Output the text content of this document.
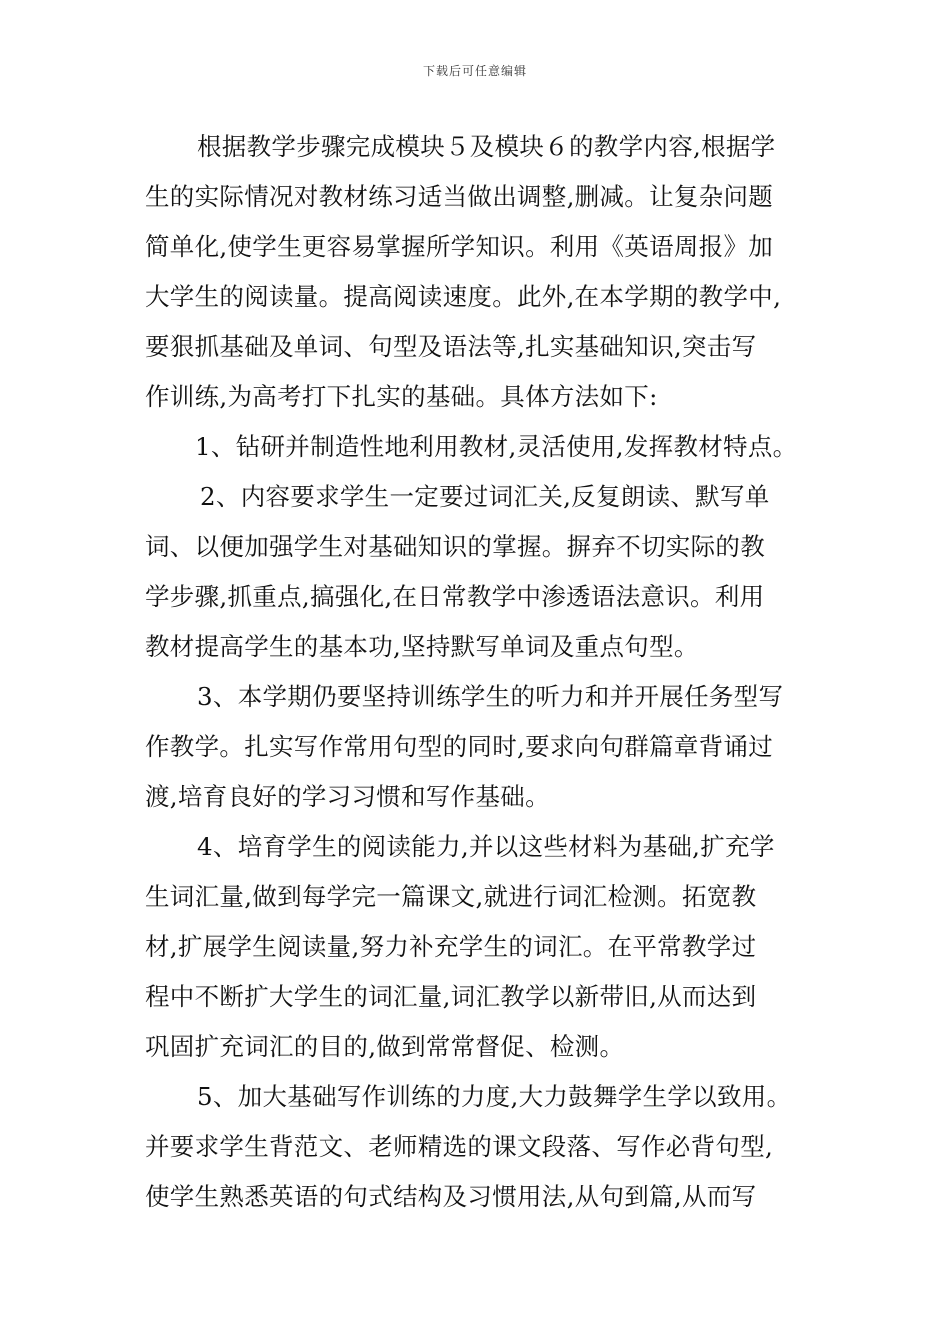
下载后可任意编辑
根据教学步骤完成模块５及模块６的教学内容,根据学
生的实际情况对教材练习适当做出调整,删减。让复杂问题
简单化,使学生更容易掌握所学知识。利用《英语周报》加
大学生的阅读量。提高阅读速度。此外,在本学期的教学中,
要狠抓基础及单词、句型及语法等,扎实基础知识,突击写
作训练,为高考打下扎实的基础。具体方法如下:
1、钻研并制造性地利用教材,灵活使用,发挥教材特点。
2、内容要求学生一定要过词汇关,反复朗读、默写单
词、以便加强学生对基础知识的掌握。摒弃不切实际的教
学步骤,抓重点,搞强化,在日常教学中渗透语法意识。利用
教材提高学生的基本功,坚持默写单词及重点句型。
3、本学期仍要坚持训练学生的听力和并开展任务型写
作教学。扎实写作常用句型的同时,要求向句群篇章背诵过
渡,培育良好的学习习惯和写作基础。
4、培育学生的阅读能力,并以这些材料为基础,扩充学
生词汇量,做到每学完一篇课文,就进行词汇检测。拓宽教
材,扩展学生阅读量,努力补充学生的词汇。在平常教学过
程中不断扩大学生的词汇量,词汇教学以新带旧,从而达到
巩固扩充词汇的目的,做到常常督促、检测。
5、加大基础写作训练的力度,大力鼓舞学生学以致用。
并要求学生背范文、老师精选的课文段落、写作必背句型,
使学生熟悉英语的句式结构及习惯用法,从句到篇,从而写
